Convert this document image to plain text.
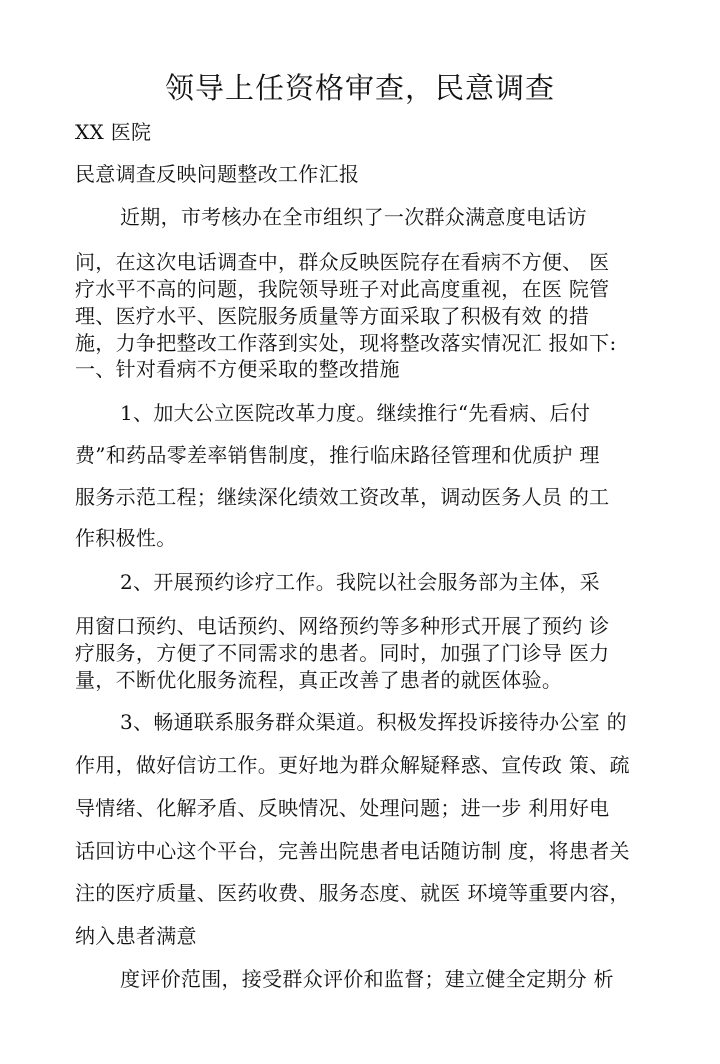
领导上任资格审查，民意调查
XX 医院
民意调查反映问题整改工作汇报
近期，市考核办在全市组织了一次群众满意度电话访
问，在这次电话调查中，群众反映医院存在看病不方便、 医
疗水平不高的问题，我院领导班子对此高度重视，在医 院管
理、医疗水平、医院服务质量等方面采取了积极有效 的措
施，力争把整改工作落到实处，现将整改落实情况汇 报如下:
一、针对看病不方便采取的整改措施
1、加大公立医院改革力度。继续推行“先看病、后付
费”和药品零差率销售制度，推行临床路径管理和优质护 理
服务示范工程；继续深化绩效工资改革，调动医务人员 的工
作积极性。
2、开展预约诊疗工作。我院以社会服务部为主体，采
用窗口预约、电话预约、网络预约等多种形式开展了预约 诊
疗服务，方便了不同需求的患者。同时，加强了门诊导 医力
量，不断优化服务流程，真正改善了患者的就医体验。
3、畅通联系服务群众渠道。积极发挥投诉接待办公室 的
作用，做好信访工作。更好地为群众解疑释惑、宣传政 策、疏
导情绪、化解矛盾、反映情况、处理问题；进一步 利用好电
话回访中心这个平台，完善出院患者电话随访制 度，将患者关
注的医疗质量、医药收费、服务态度、就医 环境等重要内容，
纳入患者满意
度评价范围，接受群众评价和监督；建立健全定期分 析
